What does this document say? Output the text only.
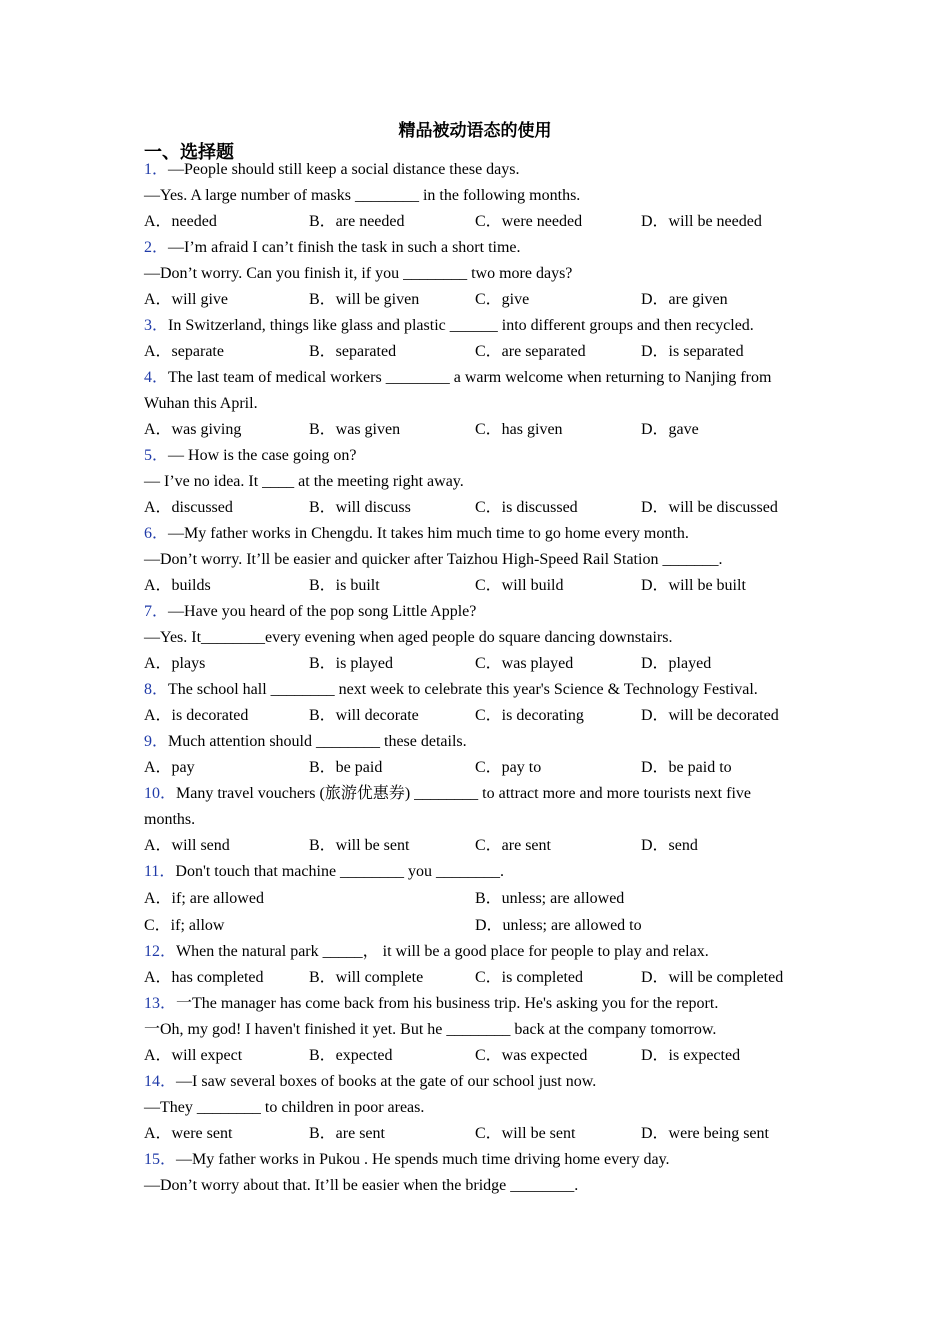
精品被动语态的使用
一、选择题
1．—People should still keep a social distance these days.
—Yes. A large number of masks ________ in the following months.
A．needed	B．are needed	C．were needed	D．will be needed
2．—I’m afraid I can’t finish the task in such a short time.
—Don’t worry. Can you finish it, if you ________ two more days?
A．will give	B．will be given	C．give	D．are given
3．In Switzerland, things like glass and plastic ______ into different groups and then recycled.
A．separate	B．separated	C．are separated	D．is separated
4．The last team of medical workers ________ a warm welcome when returning to Nanjing from Wuhan this April.
A．was giving	B．was given	C．has given	D．gave
5．— How is the case going on?
— I’ve no idea. It ____ at the meeting right away.
A．discussed	B．will discuss	C．is discussed	D．will be discussed
6．—My father works in Chengdu. It takes him much time to go home every month.
—Don’t worry. It’ll be easier and quicker after Taizhou High-Speed Rail Station _______.
A．builds	B．is built	C．will build	D．will be built
7．—Have you heard of the pop song Little Apple?
—Yes. It________every evening when aged people do square dancing downstairs.
A．plays	B．is played	C．was played	D．played
8．The school hall ________ next week to celebrate this year's Science & Technology Festival.
A．is decorated	B．will decorate	C．is decorating	D．will be decorated
9．Much attention should ________ these details.
A．pay	B．be paid	C．pay to	D．be paid to
10．Many travel vouchers (旅游优惠券) ________ to attract more and more tourists next five months.
A．will send	B．will be sent	C．are sent	D．send
11．Don't touch that machine ________ you ________.
A．if; are allowed	B．unless; are allowed
C．if; allow	D．unless; are allowed to
12．When the natural park _____， it will be a good place for people to play and relax.
A．has completed	B．will complete	C．is completed	D．will be completed
13．一The manager has come back from his business trip. He's asking you for the report.
一Oh, my god! I haven't finished it yet. But he ________ back at the company tomorrow.
A．will expect	B．expected	C．was expected	D．is expected
14．—I saw several boxes of books at the gate of our school just now.
—They ________ to children in poor areas.
A．were sent	B．are sent	C．will be sent	D．were being sent
15．—My father works in Pukou . He spends much time driving home every day.
—Don’t worry about that. It’ll be easier when the bridge ________.
